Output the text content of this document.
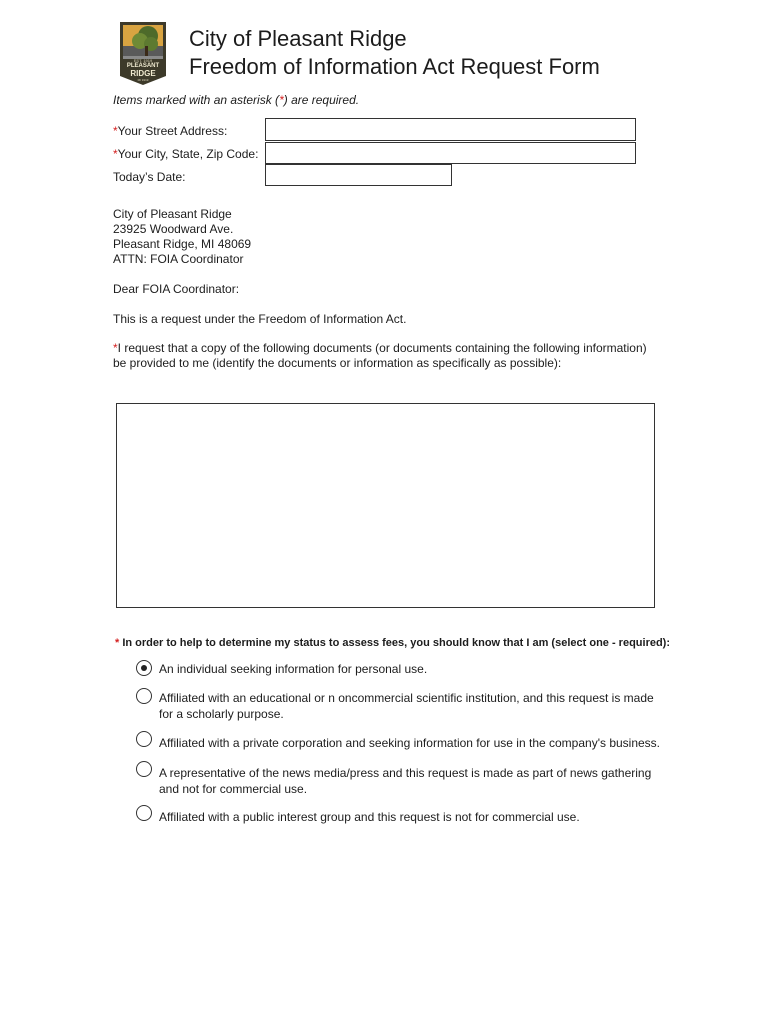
EST. 1919
PLEASANT
RIDGE
MI 1919
City of Pleasant Ridge
Freedom of Information Act Request Form
Items marked with an asterisk (*) are required.
*Your Street Address:
*Your City, State, Zip Code:
Today’s Date:
City of Pleasant Ridge
23925 Woodward Ave.
Pleasant Ridge, MI 48069
ATTN: FOIA Coordinator
Dear FOIA Coordinator:
This is a request under the Freedom of Information Act.
*I request that a copy of the following documents (or documents containing the following information)
be provided to me (identify the documents or information as specifically as possible):
* In order to help to determine my status to assess fees, you should know that I am (select one - required):
An individual seeking information for personal use.
Affiliated with an educational or n oncommercial scientific institution, and this request is made for a scholarly purpose.
Affiliated with a private corporation and seeking information for use in the company's business.
A representative of the news media/press and this request is made as part of news gathering and not for commercial use.
Affiliated with a public interest group and this request is not for commercial use.
